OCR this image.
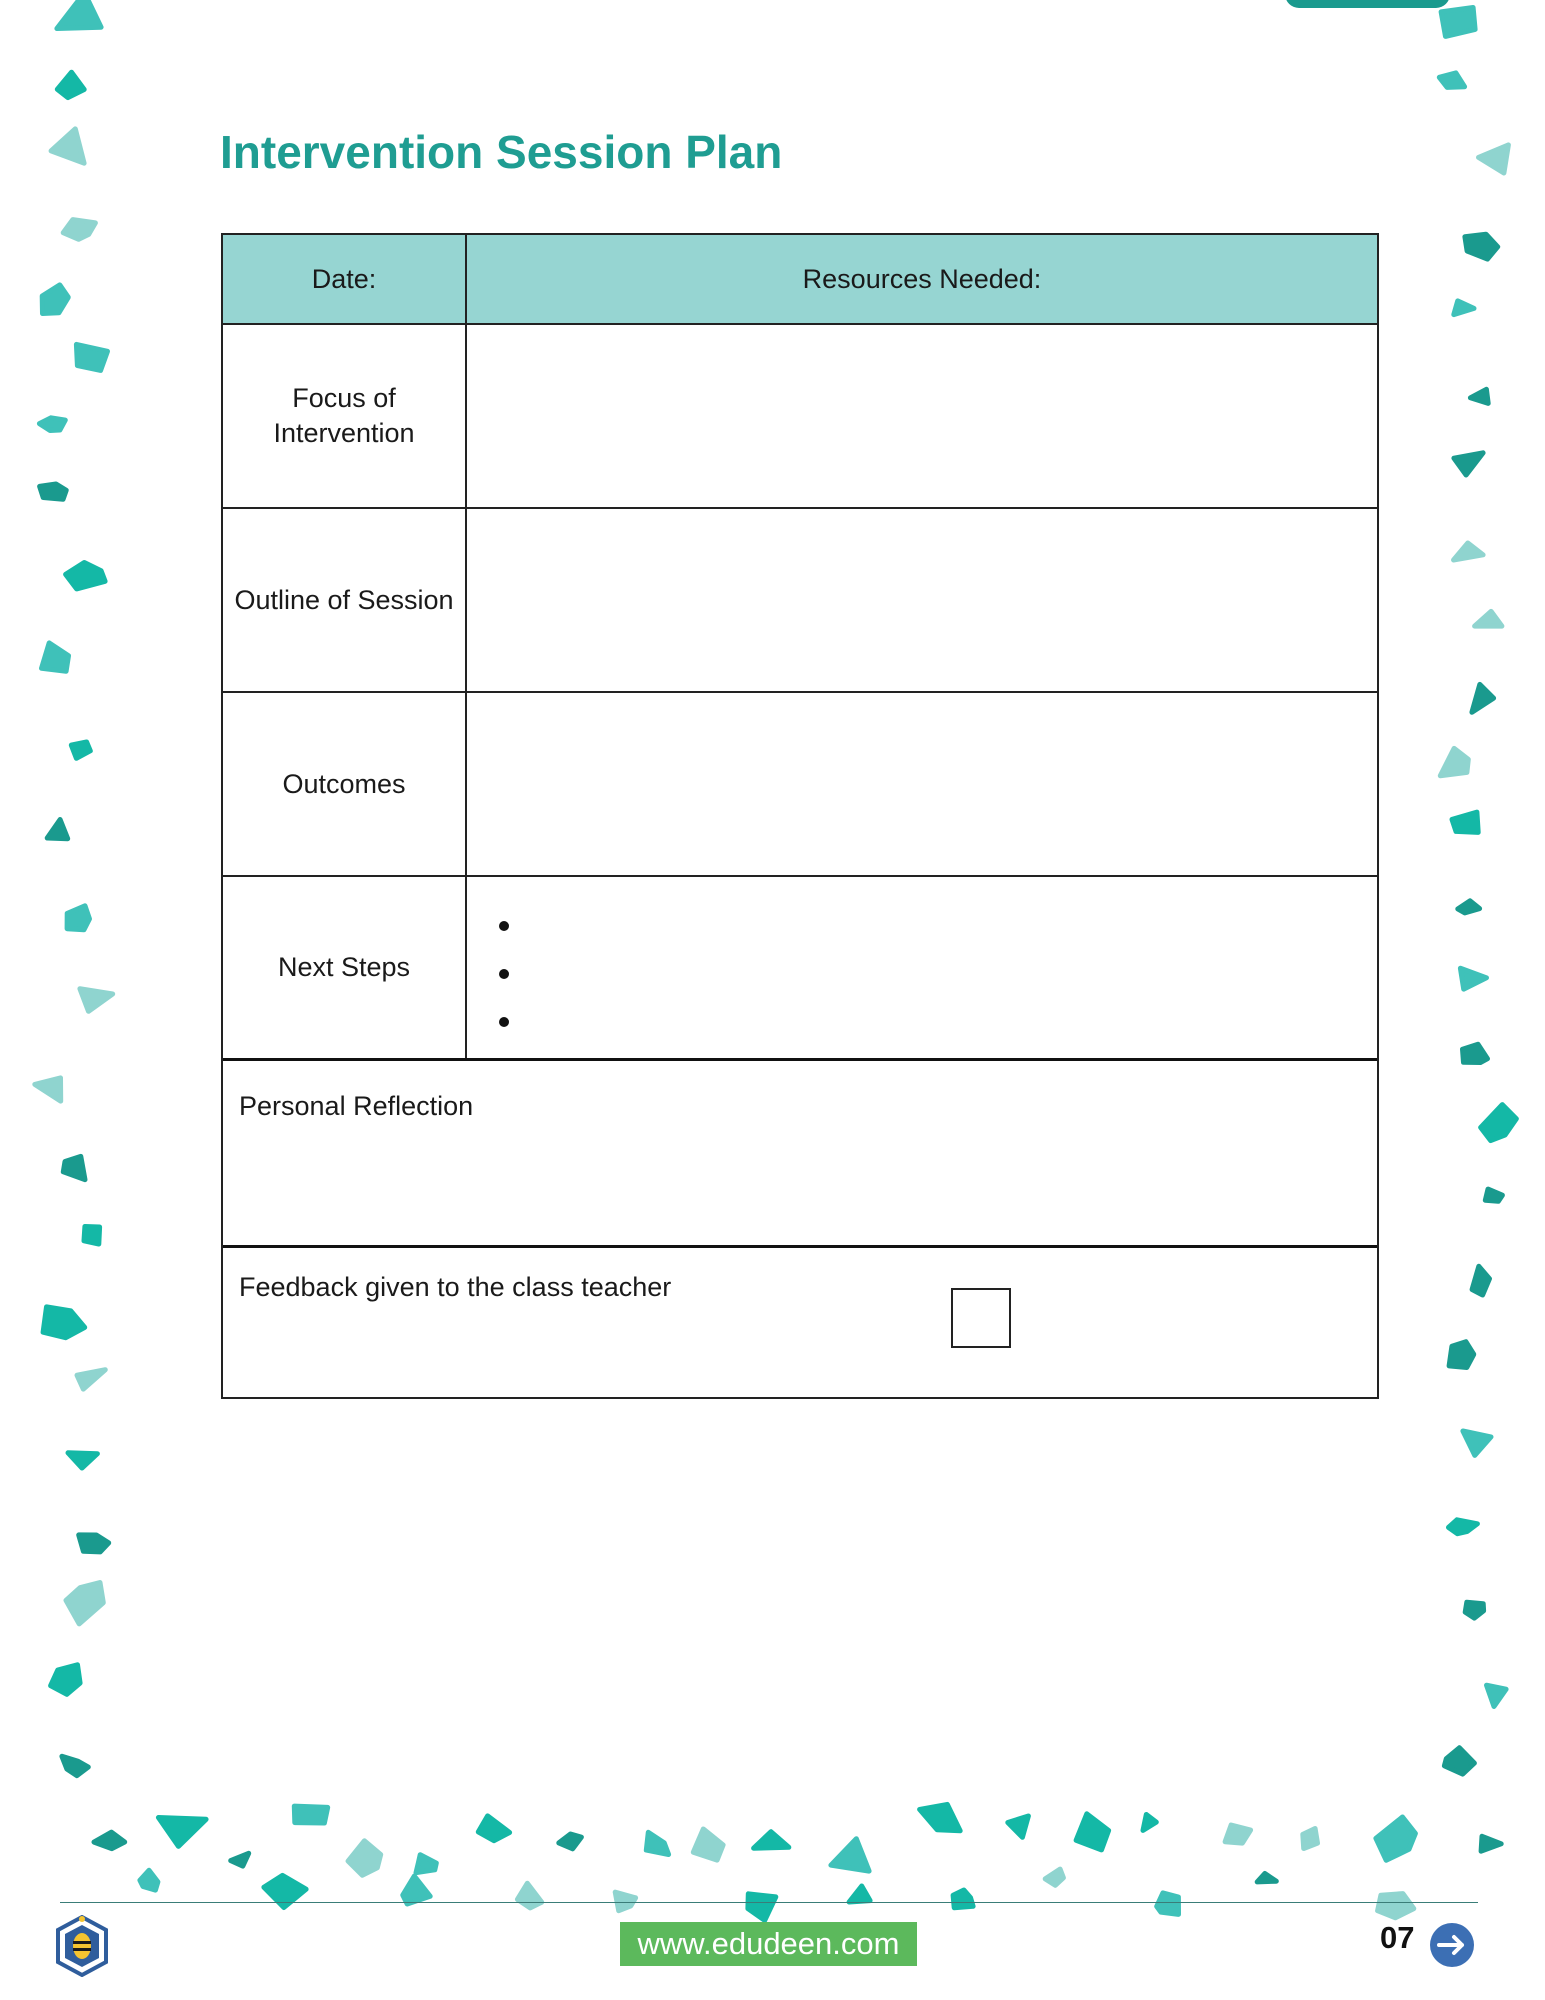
Intervention Session Plan
Date:	Resources Needed:
Focus of Intervention
Outline of Session
Outcomes
Next Steps
Personal Reflection
Feedback given to the class teacher
www.edudeen.com	07
